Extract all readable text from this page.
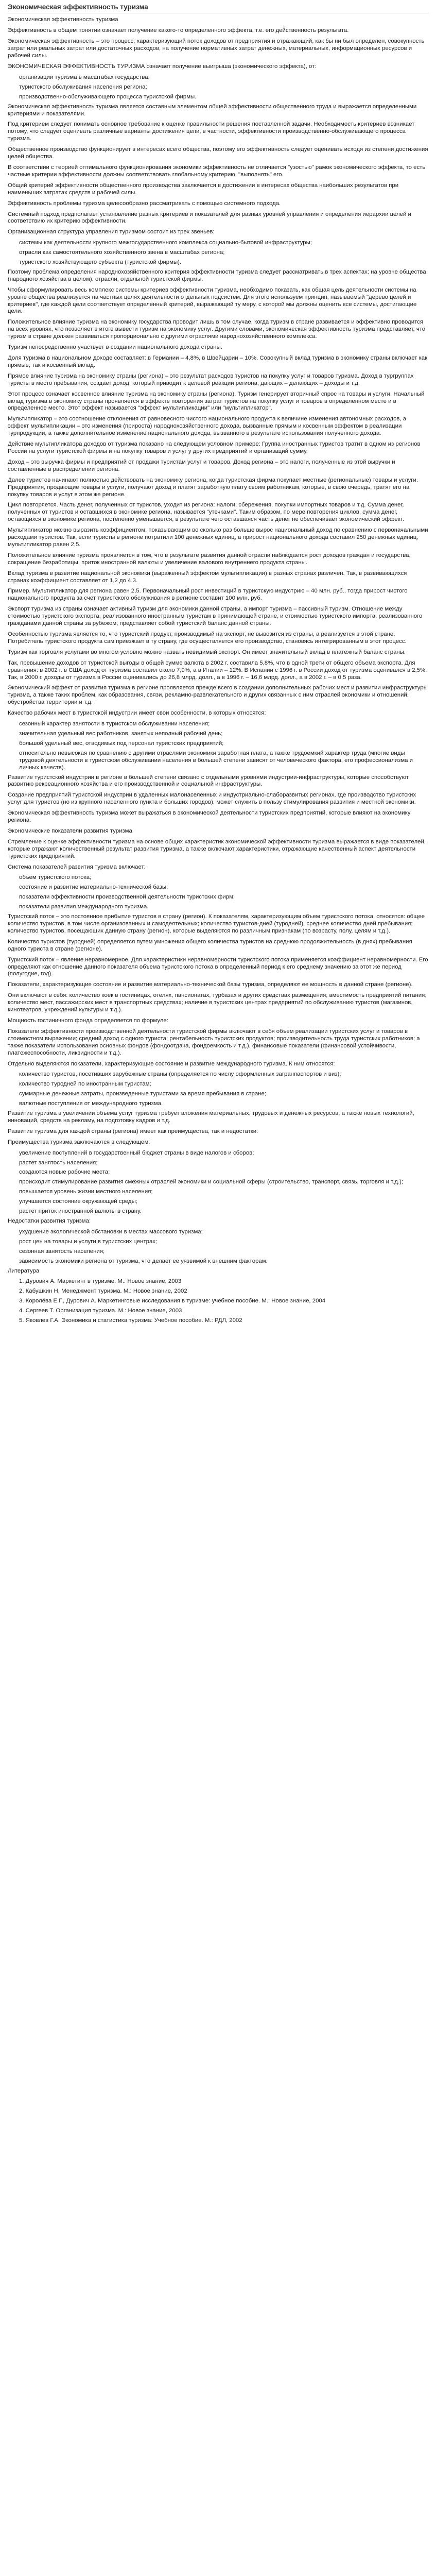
Экономическая эффективность туризма
Экономическая эффективность туризма
Эффективность в общем понятии означает получение какого-то определенного эффекта, т.е. его действенность результата.
Экономическая эффективность – это процесс, характеризующий поток доходов от предприятия и отражающий, как бы ни был определен, совокупность затрат или реальных затрат или достаточных расходов, на получение нормативных затрат денежных, материальных, информационных ресурсов и рабочей силы.
ЭКОНОМИЧЕСКАЯ ЭФФЕКТИВНОСТЬ ТУРИЗМА означает получение выигрыша (экономического эффекта), от:
организации туризма в масштабах государства;
туристского обслуживания населения региона;
производственно-обслуживающего процесса туристской фирмы.
Экономическая эффективность туризма является составным элементом общей эффективности общественного труда и выражается определенными критериями и показателями.
Под критерием следует понимать основное требование к оценке правильности решения поставленной задачи. Необходимость критериев возникает потому, что следует оценивать различные варианты достижения цели, в частности, эффективности производственно-обслуживающего процесса туризма.
Общественное производство функционирует в интересах всего общества, поэтому его эффективность следует оценивать исходя из степени достижения целей общества.
В соответствии с теорией оптимального функционирования экономики эффективность не отличается "узостью" рамок экономического эффекта, то есть частные критерии эффективности должны соответствовать глобальному критерию, "выполнять" его.
Общий критерий эффективности общественного производства заключается в достижении в интересах общества наибольших результатов при наименьших затратах средств и рабочей силы.
Эффективность проблемы туризма целесообразно рассматривать с помощью системного подхода.
Системный подход предполагает установление разных критериев и показателей для разных уровней управления и определения иерархии целей и соответствию их критерию эффективности.
Организационная структура управления туризмом состоит из трех звеньев:
системы как деятельности крупного межгосударственного комплекса социально-бытовой инфраструктуры;
отрасли как самостоятельного хозяйственного звена в масштабах региона;
туристского хозяйствующего субъекта (туристской фирмы).
Поэтому проблема определения народнохозяйственного критерия эффективности туризма следует рассматривать в трех аспектах: на уровне общества (народного хозяйства в целом), отрасли, отдельной туристской фирмы.
Чтобы сформулировать весь комплекс системы критериев эффективности туризма, необходимо показать, как общая цель деятельности системы на уровне общества реализуется на частных целях деятельности отдельных подсистем. Для этого используем принцип, называемый "дерево целей и критериев", где каждой цели соответствует определенный критерий, выражающий ту меру, с которой мы должны оценить все системы, достигающие цели.
Положительное влияние туризма на экономику государства проводит лишь в том случае, когда туризм в стране развивается и эффективно проводится на всех уровнях, что позволяет в итоге вывести туризм на экономику услуг. Другими словами, экономическая эффективность туризма представляет, что туризм в стране должен развиваться пропорционально с другими отраслями народнохозяйственного комплекса.
Туризм непосредственно участвует в создании национального дохода страны.
Доля туризма в национальном доходе составляет: в Германии – 4,8%, в Швейцарии – 10%. Совокупный вклад туризма в экономику страны включает как прямые, так и косвенный вклад.
Прямое влияние туризма на экономику страны (региона) – это результат расходов туристов на покупку услуг и товаров туризма. Доход в тургруппах туристы в место пребывания, создает доход, который приводит к целевой реакции региона, дающих – делающих – доходы и т.д.
Этот процесс означает косвенное влияние туризма на экономику страны (региона). Туризм генерирует вторичный спрос на товары и услуги. Начальный вклад туризма в экономику страны проявляется в эффекте повторения затрат туристов на покупку услуг и товаров в определенном месте и в определенное место. Этот эффект называется "эффект мультипликации" или "мультипликатор".
Мультипликатор – это соотношение отклонения от равновесного чистого национального продукта к величине изменения автономных расходов, а эффект мультипликации – это изменения (прироста) народнохозяйственного дохода, вызванные прямым и косвенным эффектом в реализации турпродукции, а также дополнительное изменение национального дохода, вызванного в результате использования полученного дохода.
Действие мультипликатора доходов от туризма показано на следующем условном примере: Группа иностранных туристов тратит в одном из регионов России на услуги туристской фирмы и на покупку товаров и услуг у других предприятий и организаций сумму.
Доход – это выручка фирмы и предприятий от продажи туристам услуг и товаров. Доход региона – это налоги, полученные из этой выручки и составленные в распределении региона.
Далее туристов начинают полностью действовать на экономику региона, когда туристская фирма покупает местные (региональные) товары и услуги. Предприятия, продающие товары и услуги, получают доход и платят заработную плату своим работникам, которые, в свою очередь, тратят его на покупку товаров и услуг в этом же регионе.
Цикл повторяется. Часть денег, полученных от туристов, уходит из региона: налоги, сбережения, покупки импортных товаров и т.д. Сумма денег, полученных от туристов и оставшихся в экономике региона, называется "утечками". Таким образом, по мере повторения циклов, сумма денег, остающихся в экономике региона, постепенно уменьшается, в результате чего оставшаяся часть денег не обеспечивает экономический эффект.
Мультипликатор можно выразить коэффициентом, показывающим во сколько раз больше вырос национальный доход по сравнению с первоначальными расходами туристов. Так, если туристы в регионе потратили 100 денежных единиц, а прирост национального дохода составил 250 денежных единиц, мультипликатор равен 2,5.
Положительное влияние туризма проявляется в том, что в результате развития данной отрасли наблюдается рост доходов граждан и государства, сокращение безработицы, приток иностранной валюты и увеличение валового внутреннего продукта страны.
Вклад туризма в развитие национальной экономики (выраженный эффектом мультипликации) в разных странах различен. Так, в развивающихся странах коэффициент составляет от 1,2 до 4,3.
Пример. Мультипликатор для региона равен 2,5. Первоначальный рост инвестиций в туристскую индустрию – 40 млн. руб., тогда прирост чистого национального продукта за счет туристского обслуживания в регионе составит 100 млн. руб.
Экспорт туризма из страны означает активный туризм для экономики данной страны, а импорт туризма – пассивный туризм. Отношение между стоимостью туристского экспорта, реализованного иностранным туристам в принимающей стране, и стоимостью туристского импорта, реализованного гражданами данной страны за рубежом, представляет собой туристский баланс данной страны.
Особенностью туризма является то, что туристский продукт, производимый на экспорт, не вывозится из страны, а реализуется в этой стране. Потребитель туристского продукта сам приезжает в ту страну, где осуществляется его производство, становясь интегрированным в этот процесс.
Туризм как торговля услугами во многом условно можно назвать невидимый экспорт. Он имеет значительный вклад в платежный баланс страны.
Так, превышение доходов от туристской выгоды в общей сумме валюта в 2002 г. составила 5,8%, что в одной трети от общего объема экспорта. Для сравнения: в 2002 г. в США доход от туризма составил около 7,9%, а в Италии – 12%. В Испании с 1996 г. в России доход от туризма оценивался в 2,5%. Так, в 2000 г. доходы от туризма в России оценивались до 26,8 млрд. долл., а в 1996 г. – 16,6 млрд. долл., а в 2002 г. – в 0,5 раза.
Экономический эффект от развития туризма в регионе проявляется прежде всего в создании дополнительных рабочих мест и развитии инфраструктуры туризма, а также таких проблем, как образования, связи, рекламно-развлекательного и других связанных с ним отраслей экономики и отношений, обустройства территории и т.д.
Качество рабочих мест в туристской индустрии имеет свои особенности, в которых относятся:
сезонный характер занятости в туристском обслуживании населения;
значительная удельный вес работников, занятых неполный рабочий день;
большой удельный вес, отводимых под персонал туристских предприятий;
относительно невысокая по сравнению с другими отраслями экономики заработная плата, а также трудоемкий характер труда (многие виды трудовой деятельности в туристском обслуживании населения в большей степени зависят от человеческого фактора, его профессионализма и личных качеств).
Развитие туристской индустрии в регионе в большей степени связано с отдельными уровнями индустрии-инфраструктуры, которые способствуют развитию рекреационного хозяйства и его производственной и социальной инфраструктуры.
Создание предприятий туристской индустрии в удаленных малонаселенных и индустриально-слаборазвитых регионах, где производство туристских услуг для туристов (но из крупного населенного пункта и больших городов), может служить в пользу стимулирования развития и местной экономики.
Экономическая эффективность туризма может выражаться в экономической деятельности туристских предприятий, которые влияют на экономику региона.
Экономические показатели развития туризма
Стремление к оценке эффективности туризма на основе общих характеристик экономической эффективности туризма выражается в виде показателей, которые отражают количественный результат развития туризма, а также включают характеристики, отражающие качественный аспект деятельности туристских предприятий.
Система показателей развития туризма включает:
объем туристского потока;
состояние и развитие материально-технической базы;
показатели эффективности производственной деятельности туристских фирм;
показатели развития международного туризма.
Туристский поток – это постоянное прибытие туристов в страну (регион). К показателям, характеризующим объем туристского потока, относятся: общее количество туристов, в том числе организованных и самодеятельных; количество туристов-дней (туродней), среднее количество дней пребывания; количество туристов, посещающих данную страну (регион), которые выделяются по различным признакам (по возрасту, полу, целям и т.д.).
Количество туристов (туродней) определяется путем умножения общего количества туристов на среднюю продолжительность (в днях) пребывания одного туриста в стране (регионе).
Туристский поток – явление неравномерное. Для характеристики неравномерности туристского потока применяется коэффициент неравномерности. Его определяют как отношение данного показателя объема туристского потока в определенный период к его среднему значению за этот же период (полугодие, год).
Показатели, характеризующие состояние и развитие материально-технической базы туризма, определяют ее мощность в данной стране (регионе).
Они включают в себя: количество коек в гостиницах, отелях, пансионатах, турбазах и других средствах размещения; вместимость предприятий питания; количество мест, пассажирских мест в транспортных средствах; наличие в туристских центрах предприятий по обслуживанию туристов (магазинов, кинотеатров, учреждений культуры и т.д.).
Мощность гостиничного фонда определяется по формуле:
Показатели эффективности производственной деятельности туристской фирмы включают в себя объем реализации туристских услуг и товаров в стоимостном выражении; средний доход с одного туриста; рентабельность туристских продуктов; производительность труда туристских работников; а также показатели использования основных фондов (фондоотдача, фондоемкость и т.д.), финансовые показатели (финансовой устойчивости, платежеспособности, ликвидности и т.д.).
Отдельно выделяются показатели, характеризующие состояние и развитие международного туризма. К ним относятся:
количество туристов, посетивших зарубежные страны (определяется по числу оформленных загранпаспортов и виз);
количество туродней по иностранным туристам;
суммарные денежные затраты, произведенные туристами за время пребывания в стране;
валютные поступления от международного туризма.
Развитие туризма в увеличении объема услуг туризма требует вложения материальных, трудовых и денежных ресурсов, а также новых технологий, инноваций, средств на рекламу, на подготовку кадров и т.д.
Развитие туризма для каждой страны (региона) имеет как преимущества, так и недостатки.
Преимущества туризма заключаются в следующем:
увеличение поступлений в государственный бюджет страны в виде налогов и сборов;
растет занятость населения;
создаются новые рабочие места;
происходит стимулирование развития смежных отраслей экономики и социальной сферы (строительство, транспорт, связь, торговля и т.д.);
повышается уровень жизни местного населения;
улучшается состояние окружающей среды;
растет приток иностранной валюты в страну.
Недостатки развития туризма:
ухудшение экологической обстановки в местах массового туризма;
рост цен на товары и услуги в туристских центрах;
сезонная занятость населения;
зависимость экономики региона от туризма, что делает ее уязвимой к внешним факторам.
Литература
1. Дурович А. Маркетинг в туризме. М.: Новое знание, 2003
2. Кабушкин Н. Менеджмент туризма. М.: Новое знание, 2002
3. Королёва Е.Г., Дурович А. Маркетинговые исследования в туризме: учебное пособие. М.: Новое знание, 2004
4. Сергеев Т. Организация туризма. М.: Новое знание, 2003
5. Яковлев Г.А. Экономика и статистика туризма: Учебное пособие. М.: РДЛ, 2002
